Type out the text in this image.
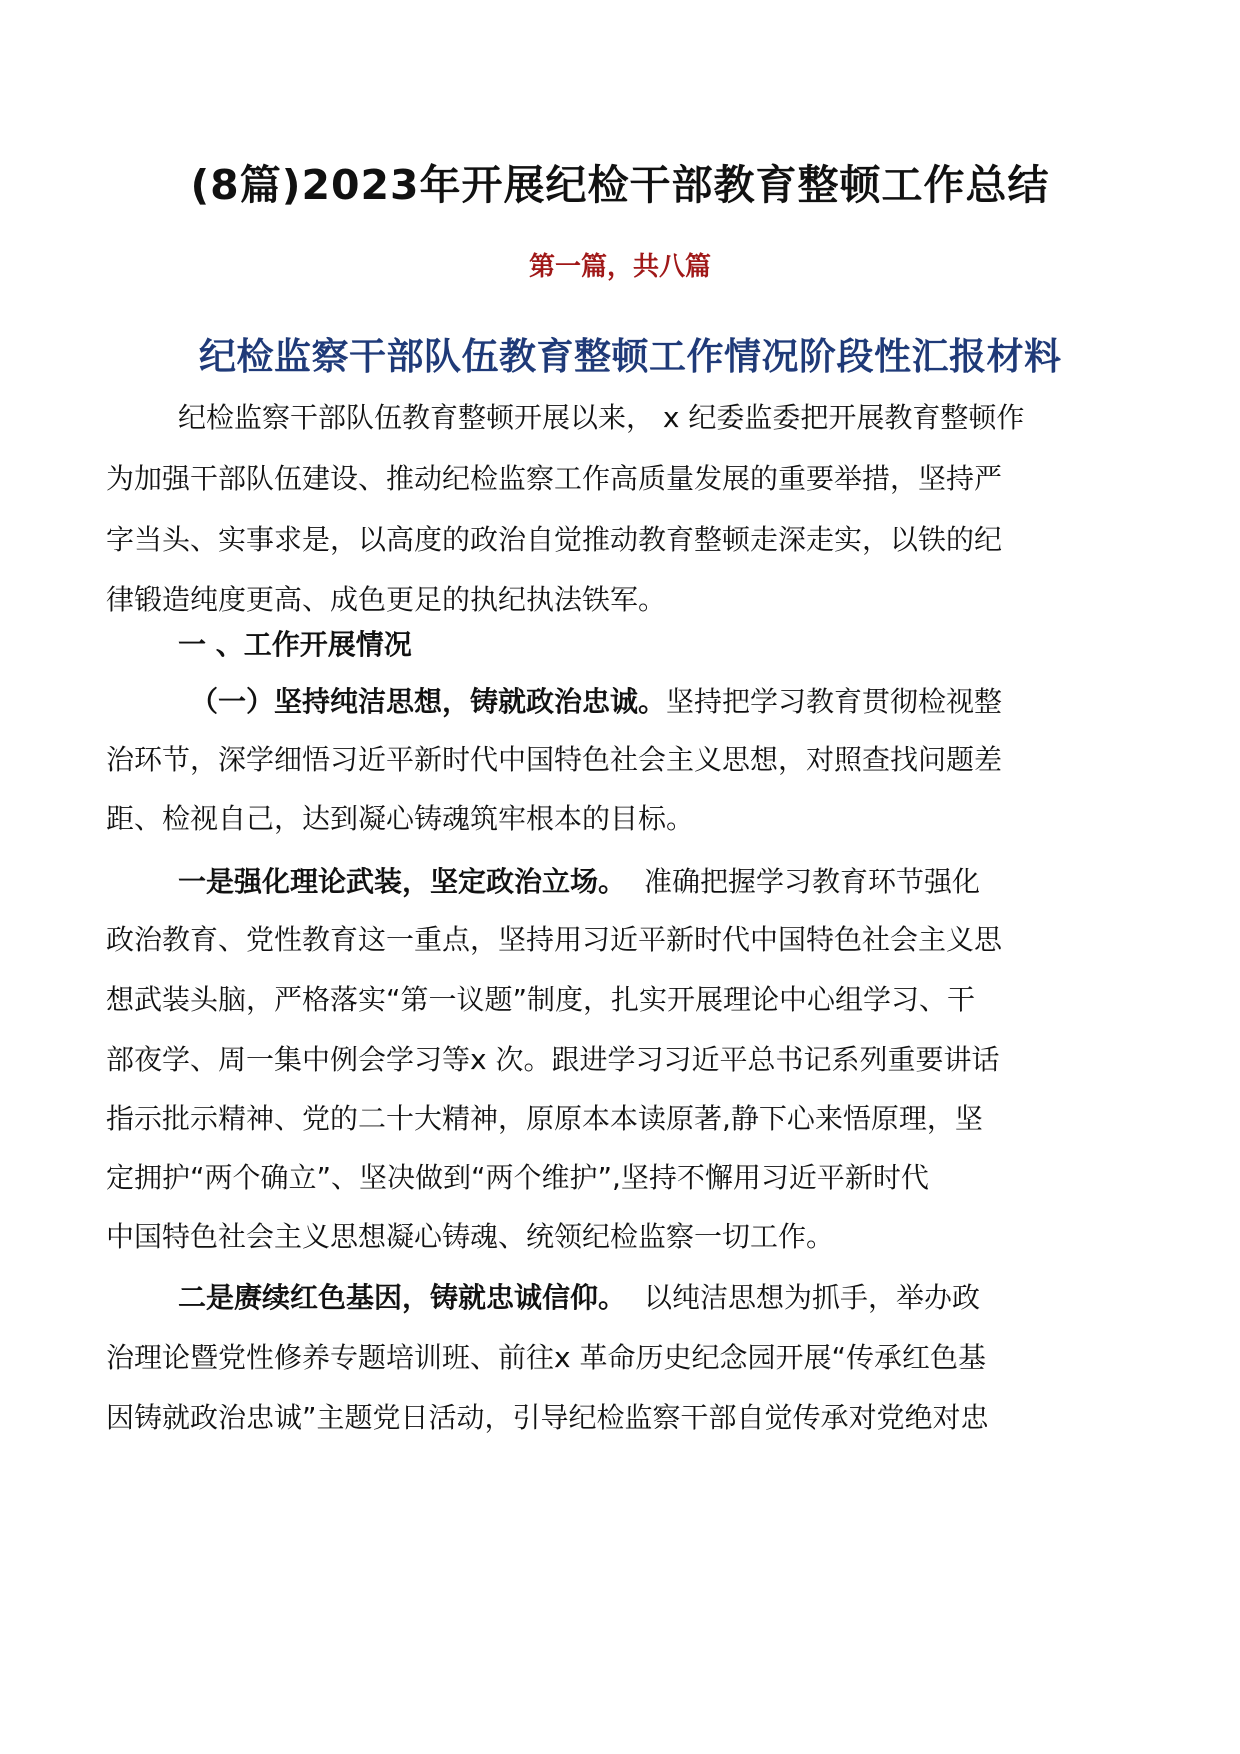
(8篇)2023年开展纪检干部教育整顿工作总结
第一篇，共八篇
纪检监察干部队伍教育整顿工作情况阶段性汇报材料
纪检监察干部队伍教育整顿开展以来， x 纪委监委把开展教育整顿作
为加强干部队伍建设、推动纪检监察工作高质量发展的重要举措，坚持严
字当头、实事求是，以高度的政治自觉推动教育整顿走深走实，以铁的纪
律锻造纯度更高、成色更足的执纪执法铁军。
一 、工作开展情况
（一）坚持纯洁思想，铸就政治忠诚。坚持把学习教育贯彻检视整
治环节，深学细悟习近平新时代中国特色社会主义思想，对照查找问题差
距、检视自己，达到凝心铸魂筑牢根本的目标。
一是强化理论武装，坚定政治立场。 准确把握学习教育环节强化
政治教育、党性教育这一重点，坚持用习近平新时代中国特色社会主义思
想武装头脑，严格落实“第一议题”制度，扎实开展理论中心组学习、干
部夜学、周一集中例会学习等x 次。跟进学习习近平总书记系列重要讲话
指示批示精神、党的二十大精神，原原本本读原著,静下心来悟原理，坚
定拥护“两个确立”、坚决做到“两个维护”,坚持不懈用习近平新时代
中国特色社会主义思想凝心铸魂、统领纪检监察一切工作。
二是赓续红色基因，铸就忠诚信仰。 以纯洁思想为抓手，举办政
治理论暨党性修养专题培训班、前往x 革命历史纪念园开展“传承红色基
因铸就政治忠诚”主题党日活动，引导纪检监察干部自觉传承对党绝对忠
